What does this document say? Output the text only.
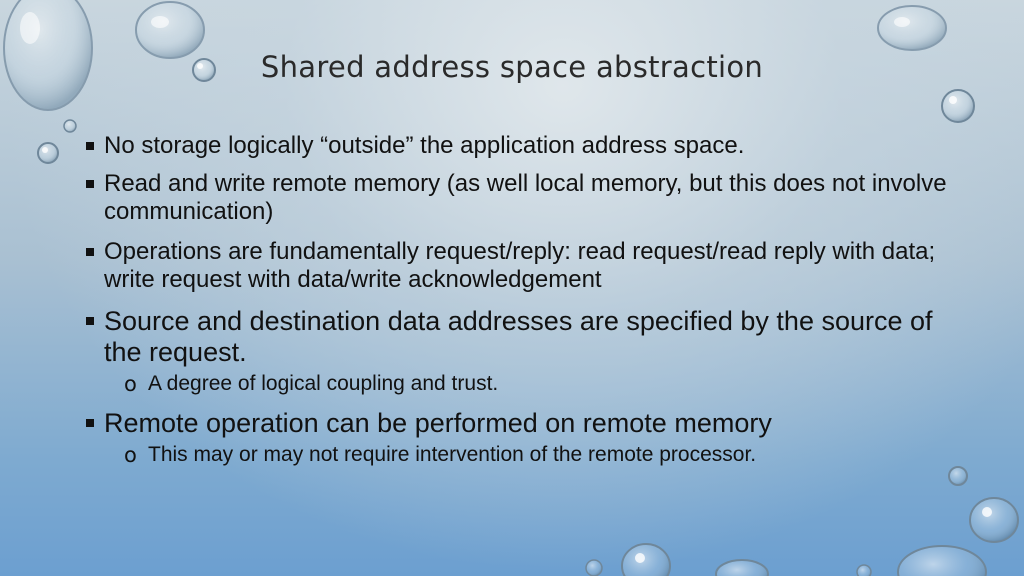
Shared address space abstraction
No storage logically “outside” the application address space.
Read and write remote memory (as well local memory, but this does not involve communication)
Operations are fundamentally request/reply: read request/read reply with data; write request with data/write acknowledgement
Source and destination data addresses are specified by the source of the request.
o A degree of logical coupling and trust.
Remote operation can be performed on remote memory
o This may or may not require intervention of the remote processor.
